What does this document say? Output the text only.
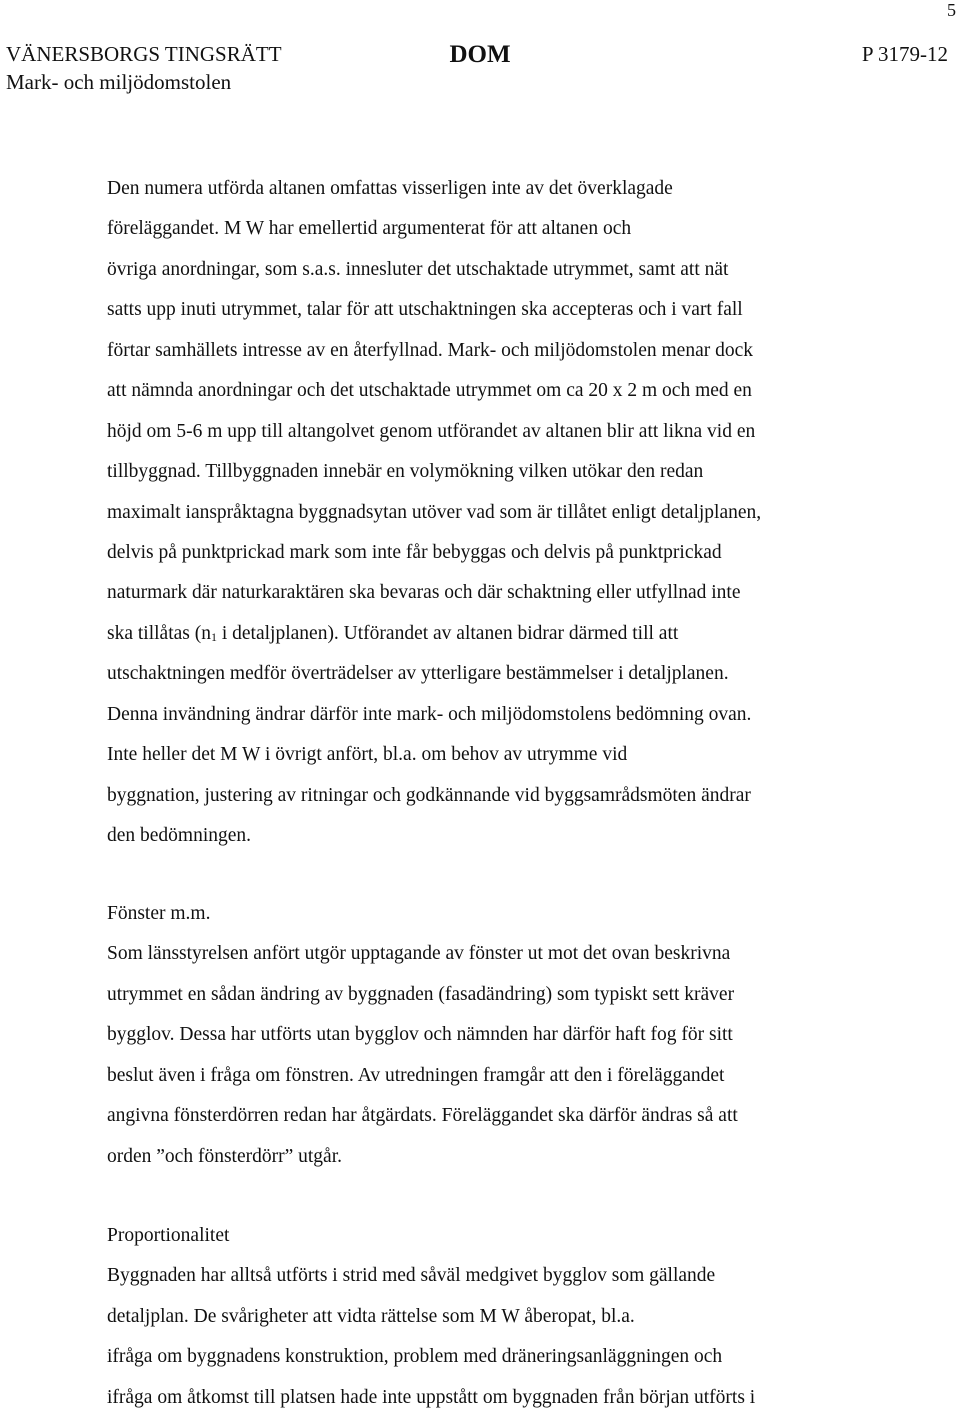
5
VÄNERSBORGS TINGSRÄTT
Mark- och miljödomstolen
DOM	P 3179-12
Den numera utförda altanen omfattas visserligen inte av det överklagade
föreläggandet. M W har emellertid argumenterat för att altanen och
övriga anordningar, som s.a.s. innesluter det utschaktade utrymmet, samt att nät
satts upp inuti utrymmet, talar för att utschaktningen ska accepteras och i vart fall
förtar samhällets intresse av en återfyllnad. Mark- och miljödomstolen menar dock
att nämnda anordningar och det utschaktade utrymmet om ca 20 x 2 m och med en
höjd om 5-6 m upp till altangolvet genom utförandet av altanen blir att likna vid en
tillbyggnad. Tillbyggnaden innebär en volymökning vilken utökar den redan
maximalt ianspråktagna byggnadsytan utöver vad som är tillåtet enligt detaljplanen,
delvis på punktprickad mark som inte får bebyggas och delvis på punktprickad
naturmark där naturkaraktären ska bevaras och där schaktning eller utfyllnad inte
ska tillåtas (n1 i detaljplanen). Utförandet av altanen bidrar därmed till att
utschaktningen medför överträdelser av ytterligare bestämmelser i detaljplanen.
Denna invändning ändrar därför inte mark- och miljödomstolens bedömning ovan.
Inte heller det M W i övrigt anfört, bl.a. om behov av utrymme vid
byggnation, justering av ritningar och godkännande vid byggsamrådsmöten ändrar
den bedömningen.
Fönster m.m.
Som länsstyrelsen anfört utgör upptagande av fönster ut mot det ovan beskrivna
utrymmet en sådan ändring av byggnaden (fasadändring) som typiskt sett kräver
bygglov. Dessa har utförts utan bygglov och nämnden har därför haft fog för sitt
beslut även i fråga om fönstren. Av utredningen framgår att den i föreläggandet
angivna fönsterdörren redan har åtgärdats. Föreläggandet ska därför ändras så att
orden ”och fönsterdörr” utgår.
Proportionalitet
Byggnaden har alltså utförts i strid med såväl medgivet bygglov som gällande
detaljplan. De svårigheter att vidta rättelse som M W åberopat, bl.a.
ifråga om byggnadens konstruktion, problem med dräneringsanläggningen och
ifråga om åtkomst till platsen hade inte uppstått om byggnaden från början utförts i
